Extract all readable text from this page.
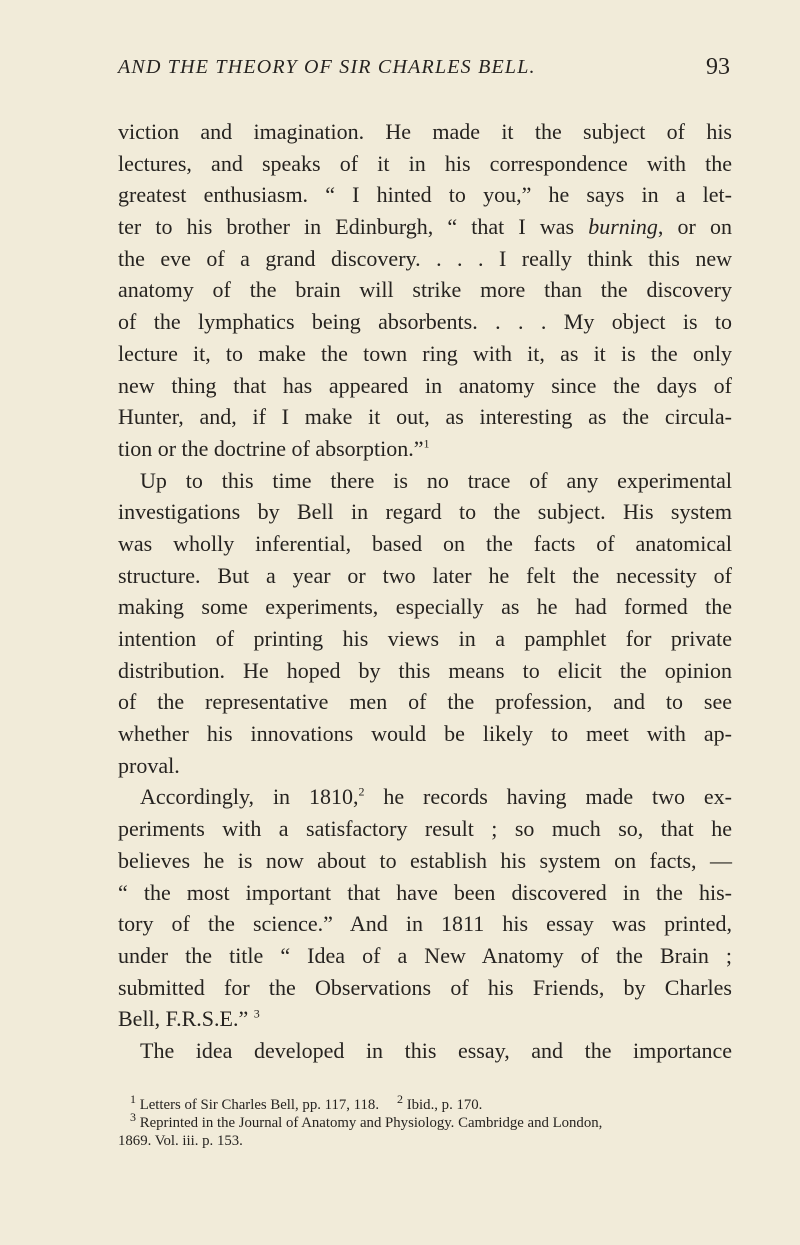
AND THE THEORY OF SIR CHARLES BELL.	93
viction and imagination. He made it the subject of his
lectures, and speaks of it in his correspondence with the
greatest enthusiasm. “ I hinted to you,” he says in a let-
ter to his brother in Edinburgh, “ that I was burning, or on
the eve of a grand discovery. . . . I really think this new
anatomy of the brain will strike more than the discovery
of the lymphatics being absorbents. . . . My object is to
lecture it, to make the town ring with it, as it is the only
new thing that has appeared in anatomy since the days of
Hunter, and, if I make it out, as interesting as the circula-
tion or the doctrine of absorption.”$^1$
Up to this time there is no trace of any experimental
investigations by Bell in regard to the subject. His system
was wholly inferential, based on the facts of anatomical
structure. But a year or two later he felt the necessity of
making some experiments, especially as he had formed the
intention of printing his views in a pamphlet for private
distribution. He hoped by this means to elicit the opinion
of the representative men of the profession, and to see
whether his innovations would be likely to meet with ap-
proval.
Accordingly, in 1810,$^2$ he records having made two ex-
periments with a satisfactory result ; so much so, that he
believes he is now about to establish his system on facts, —
“ the most important that have been discovered in the his-
tory of the science.” And in 1811 his essay was printed,
under the title “ Idea of a New Anatomy of the Brain ;
submitted for the Observations of his Friends, by Charles
Bell, F.R.S.E.” $^3$
The idea developed in this essay, and the importance
$^1$ Letters of Sir Charles Bell, pp. 117, 118. $^2$ Ibid., p. 170.
$^3$ Reprinted in the Journal of Anatomy and Physiology. Cambridge and London,
1869. Vol. iii. p. 153.
